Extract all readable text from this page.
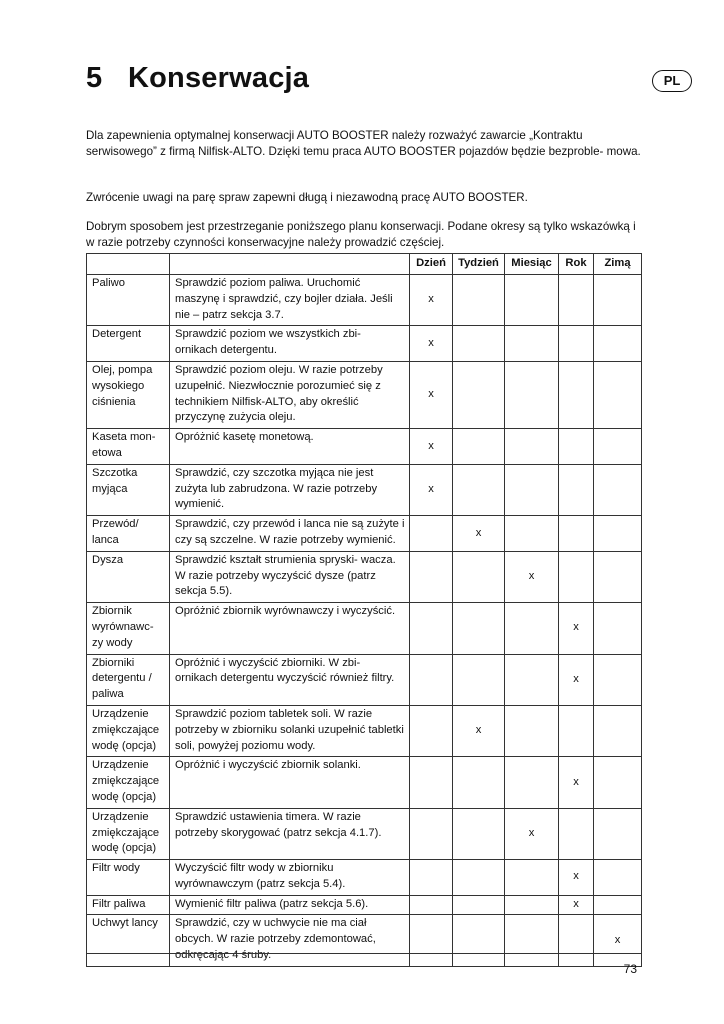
5 Konserwacja	PL

Dla zapewnienia optymalnej konserwacji AUTO BOOSTER należy rozważyć zawarcie „Kontraktu serwisowego” z firmą Nilfisk-ALTO. Dzięki temu praca AUTO BOOSTER pojazdów będzie bezproble- mowa.

Zwrócenie uwagi na parę spraw zapewni długą i niezawodną pracę AUTO BOOSTER.

Dobrym sposobem jest przestrzeganie poniższego planu konserwacji. Podane okresy są tylko wskazówką i w razie potrzeby czynności konserwacyjne należy prowadzić częściej.

		Dzień	Tydzień	Miesiąc	Rok	Zimą
Paliwo	Sprawdzić poziom paliwa. Uruchomić maszynę i sprawdzić, czy bojler działa. Jeśli nie – patrz sekcja 3.7.	x				
Detergent	Sprawdzić poziom we wszystkich zbi- ornikach detergentu.	x				
Olej, pompa wysokiego ciśnienia	Sprawdzić poziom oleju. W razie potrzeby uzupełnić. Niezwłocznie porozumieć się z technikiem Nilfisk-ALTO, aby określić przyczynę zużycia oleju.	x				
Kaseta mon- etowa	Opróżnić kasetę monetową.	x				
Szczotka myjąca	Sprawdzić, czy szczotka myjąca nie jest zużyta lub zabrudzona. W razie potrzeby wymienić.	x				
Przewód/ lanca	Sprawdzić, czy przewód i lanca nie są zużyte i czy są szczelne. W razie potrzeby wymienić.		x			
Dysza	Sprawdzić kształt strumienia spryski- wacza. W razie potrzeby wyczyścić dysze (patrz sekcja 5.5).			x		
Zbiornik wyrównawc- zy wody	Opróżnić zbiornik wyrównawczy i wyczyścić.				x	
Zbiorniki detergentu / paliwa	Opróżnić i wyczyścić zbiorniki. W zbi- ornikach detergentu wyczyścić również filtry.				x	
Urządzenie zmiękczające wodę (opcja)	Sprawdzić poziom tabletek soli. W razie potrzeby w zbiorniku solanki uzupełnić tabletki soli, powyżej poziomu wody.		x			
Urządzenie zmiękczające wodę (opcja)	Opróżnić i wyczyścić zbiornik solanki.				x	
Urządzenie zmiękczające wodę (opcja)	Sprawdzić ustawienia timera. W razie potrzeby skorygować (patrz sekcja 4.1.7).			x		
Filtr wody	Wyczyścić filtr wody w zbiorniku wyrównawczym (patrz sekcja 5.4).				x	
Filtr paliwa	Wymienić filtr paliwa (patrz sekcja 5.6).				x	
Uchwyt lancy	Sprawdzić, czy w uchwycie nie ma ciał obcych. W razie potrzeby zdemontować, odkręcając 4 śruby.					x
73
